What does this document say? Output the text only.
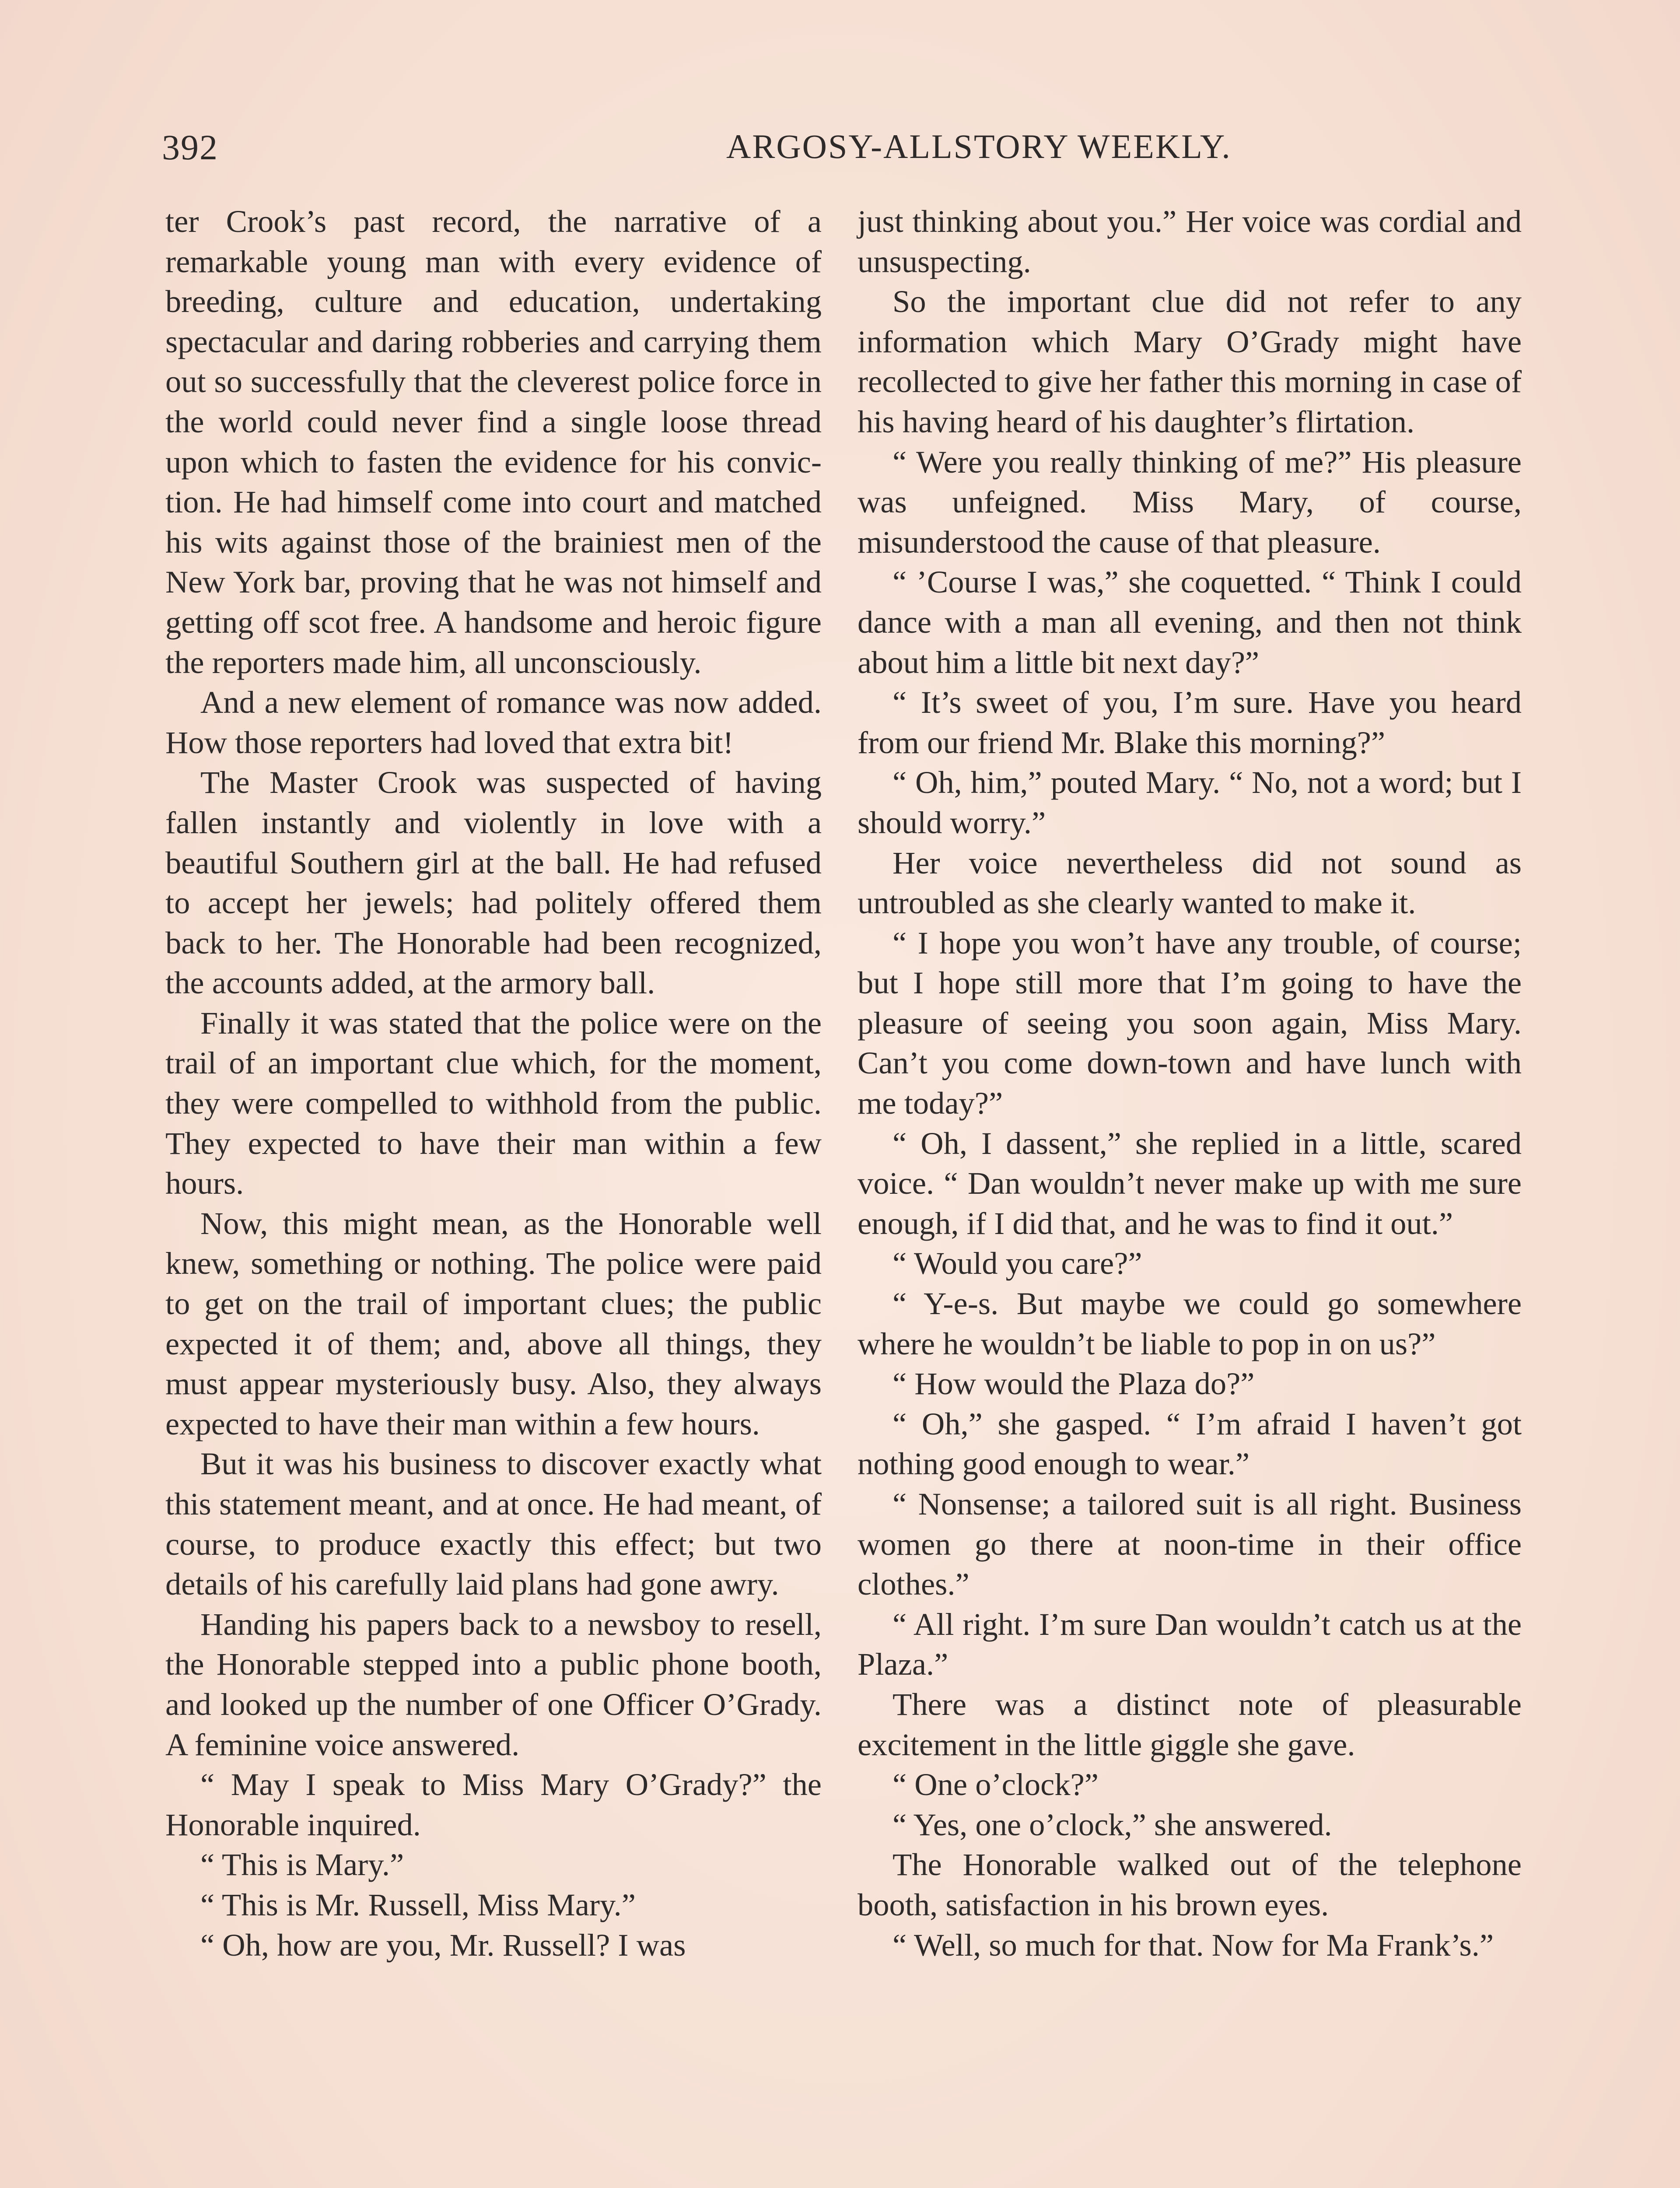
392	ARGOSY-ALLSTORY WEEKLY.

ter Crook’s past record, the narrative of a remarkable young man with every evidence of breeding, culture and education, undertaking spectacular and daring robberies and carrying them out so successfully that the cleverest police force in the world could never find a single loose thread upon which to fasten the evidence for his conviction. He had himself come into court and matched his wits against those of the brainiest men of the New York bar, proving that he was not himself and getting off scot free. A handsome and heroic figure the reporters made him, all unconsciously.

And a new element of romance was now added. How those reporters had loved that extra bit!

The Master Crook was suspected of having fallen instantly and violently in love with a beautiful Southern girl at the ball. He had refused to accept her jewels; had politely offered them back to her. The Honorable had been recognized, the accounts added, at the armory ball.

Finally it was stated that the police were on the trail of an important clue which, for the moment, they were compelled to withhold from the public. They expected to have their man within a few hours.

Now, this might mean, as the Honorable well knew, something or nothing. The police were paid to get on the trail of important clues; the public expected it of them; and, above all things, they must appear mysteriously busy. Also, they always expected to have their man within a few hours.

But it was his business to discover exactly what this statement meant, and at once. He had meant, of course, to produce exactly this effect; but two details of his carefully laid plans had gone awry.

Handing his papers back to a newsboy to resell, the Honorable stepped into a public phone booth, and looked up the number of one Officer O’Grady. A feminine voice answered.

“ May I speak to Miss Mary O’Grady?” the Honorable inquired.

“ This is Mary.”

“ This is Mr. Russell, Miss Mary.”

“ Oh, how are you, Mr. Russell? I was

just thinking about you.” Her voice was cordial and unsuspecting.

So the important clue did not refer to any information which Mary O’Grady might have recollected to give her father this morning in case of his having heard of his daughter’s flirtation.

“ Were you really thinking of me?” His pleasure was unfeigned. Miss Mary, of course, misunderstood the cause of that pleasure.

“ ’Course I was,” she coquetted. “ Think I could dance with a man all evening, and then not think about him a little bit next day?”

“ It’s sweet of you, I’m sure. Have you heard from our friend Mr. Blake this morning?”

“ Oh, him,” pouted Mary. “ No, not a word; but I should worry.”

Her voice nevertheless did not sound as untroubled as she clearly wanted to make it.

“ I hope you won’t have any trouble, of course; but I hope still more that I’m going to have the pleasure of seeing you soon again, Miss Mary. Can’t you come down-town and have lunch with me today?”

“ Oh, I dassent,” she replied in a little, scared voice. “ Dan wouldn’t never make up with me sure enough, if I did that, and he was to find it out.”

“ Would you care?”

“ Y-e-s. But maybe we could go somewhere where he wouldn’t be liable to pop in on us?”

“ How would the Plaza do?”

“ Oh,” she gasped. “ I’m afraid I haven’t got nothing good enough to wear.”

“ Nonsense; a tailored suit is all right. Business women go there at noon-time in their office clothes.”

“ All right. I’m sure Dan wouldn’t catch us at the Plaza.”

There was a distinct note of pleasurable excitement in the little giggle she gave.

“ One o’clock?”

“ Yes, one o’clock,” she answered.

The Honorable walked out of the telephone booth, satisfaction in his brown eyes.

“ Well, so much for that. Now for Ma Frank’s.”
